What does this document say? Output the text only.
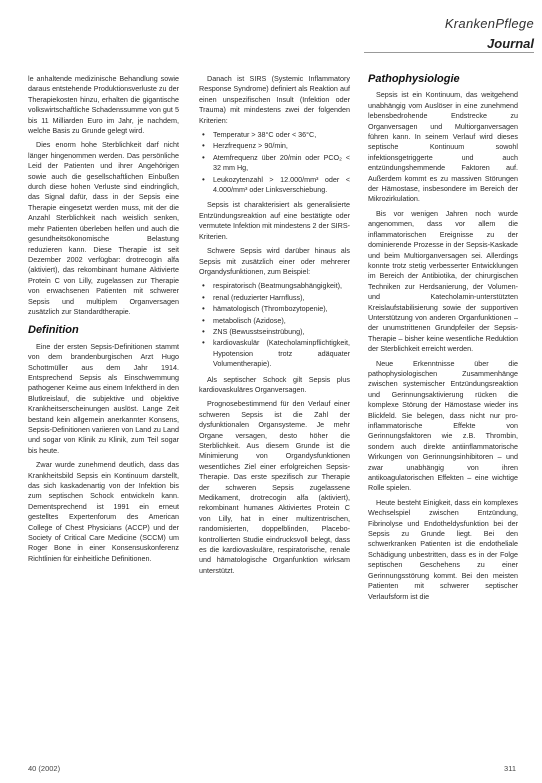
KrankenPflege
Journal

le anhaltende medizinische Behandlung sowie daraus entstehende Produktionsverluste zu der Therapiekosten hinzu, erhalten die gigantische volkswirtschaftliche Schadenssumme von gut 5 bis 11 Milliarden Euro im Jahr, je nachdem, welche Basis zu Grunde gelegt wird.

Dies enorm hohe Sterblichkeit darf nicht länger hingenommen werden. Das persönliche Leid der Patienten und ihrer Angehörigen sowie auch die gesellschaftlichen Einbußen durch diese hohen Verluste sind eindringlich, das Signal dafür, dass in der Sepsis eine Therapie eingesetzt werden muss, mit der die Anzahl Sterblichkeit nach weislich senken, mehr Patienten überleben helfen und auch die gesundheitsökonomische Belastung reduzieren kann. Diese Therapie ist seit Dezember 2002 verfügbar: drotrecogin alfa (aktiviert), das rekombinant humane Aktivierte Protein C von Lilly, zugelassen zur Therapie von erwachsenen Patienten mit schwerer Sepsis und multiplem Organversagen zusätzlich zur Standardtherapie.

Definition

Eine der ersten Sepsis-Definitionen stammt von dem brandenburgischen Arzt Hugo Schottmüller aus dem Jahr 1914. Entsprechend Sepsis als Einschwemmung pathogener Keime aus einem Infektherd in den Blutkreislauf, die subjektive und objektive Krankheitserscheinungen auslöst. Lange Zeit bestand kein allgemein anerkannter Konsens, Sepsis-Definitionen variieren von Land zu Land und sogar von Klinik zu Klinik, zum Teil sogar bis heute.

Zwar wurde zunehmend deutlich, dass das Krankheitsbild Sepsis ein Kontinuum darstellt, das sich kaskadenartig von der Infektion bis zum septischen Schock entwickeln kann. Dementsprechend ist 1991 ein erneut gestelltes Expertenforum des American College of Chest Physicians (ACCP) und der Society of Critical Care Medicine (SCCM) um Roger Bone in einer Konsensuskonferenz Richtlinien für einheitliche Definitionen.

Danach ist SIRS (Systemic Inflammatory Response Syndrome) definiert als Reaktion auf einen unspezifischen Insult (Infektion oder Trauma) mit mindestens zwei der folgenden Kriterien:

• Temperatur > 38°C oder < 36°C,
• Herzfrequenz > 90/min,
• Atemfrequenz über 20/min oder PCO₂ < 32 mm Hg,
• Leukozytenzahl > 12.000/mm³ oder < 4.000/mm³ oder Linksverschiebung.

Sepsis ist charakterisiert als generalisierte Entzündungsreaktion auf eine bestätigte oder vermutete Infektion mit mindestens 2 der SIRS-Kriterien.

Schwere Sepsis wird darüber hinaus als Sepsis mit zusätzlich einer oder mehrerer Organdysfunktionen, zum Beispiel:

• respiratorisch (Beatmungsabhängigkeit),
• renal (reduzierter Harnfluss),
• hämatologisch (Thrombozytopenie),
• metabolisch (Azidose),
• ZNS (Bewusstseinstrübung),
• kardiovaskulär (Katecholaminpflichtigkeit, Hypotension trotz adäquater Volumentherapie).

Als septischer Schock gilt Sepsis plus kardiovaskuläres Organversagen.

Prognosebestimmend für den Verlauf einer schweren Sepsis ist die Zahl der dysfunktionalen Organsysteme. Je mehr Organe versagen, desto höher die Sterblichkeit. Aus diesem Grunde ist die Minimierung von Organdysfunktionen wesentliches Ziel einer erfolgreichen Sepsis-Therapie. Das erste spezifisch zur Therapie der schweren Sepsis zugelassene Medikament, drotrecogin alfa (aktiviert), rekombinant humanes Aktiviertes Protein C von Lilly, hat in einer multizentrischen, randomisierten, doppelblinden, Placebo-kontrollierten Studie eindrucksvoll belegt, dass es die kardiovaskuläre, respiratorische, renale und hämatologische Organfunktion wirksam unterstützt.

Pathophysiologie

Sepsis ist ein Kontinuum, das weitgehend unabhängig vom Auslöser in eine zunehmend lebensbedrohende Endstrecke zu Organversagen und Multiorganversagen führen kann. In seinem Verlauf wird dieses septische Kontinuum sowohl infektionsgetriggerte und auch entzündungshemmende Faktoren auf. Außerdem kommt es zu massiven Störungen der Hämostase, insbesondere im Bereich der Mikrozirkulation.

Bis vor wenigen Jahren noch wurde angenommen, dass vor allem die inflammatorischen Ereignisse zu der dominierende Prozesse in der Sepsis-Kaskade und beim Multiorganversagen sei. Allerdings konnte trotz stetig verbesserter Entwicklungen im Bereich der Antibiotika, der chirurgischen Techniken zur Herdsanierung, der Volumen- und Katecholamin-unterstützten Kreislaufstabilisierung sowie der supportiven Unterstützung von anderen Organfunktionen – der unumstrittenen Grundpfeiler der Sepsis-Therapie – bisher keine wesentliche Reduktion der Sterblichkeit erreicht werden.

Neue Erkenntnisse über die pathophysiologischen Zusammenhänge zwischen systemischer Entzündungsreaktion und Gerinnungsaktivierung rücken die komplexe Störung der Hämostase wieder ins Blickfeld. Sie belegen, dass nicht nur pro-inflammatorische Effekte von Gerinnungsfaktoren wie z.B. Thrombin, sondern auch direkte antiinflammatorische Wirkungen von Gerinnungsinhibitoren – und zwar unabhängig von ihren antikoagulatorischen Effekten – eine wichtige Rolle spielen.

Heute besteht Einigkeit, dass ein komplexes Wechselspiel zwischen Entzündung, Fibrinolyse und Endotheldysfunktion bei der Sepsis zu Grunde liegt. Bei den schwerkranken Patienten ist die endotheliale Schädigung unbestritten, dass es in der Folge septischen Geschehens zu einer Gerinnungsstörung kommt. Bei den meisten Patienten mit schwerer septischer Verlaufsform ist die

40 (2002)	311
